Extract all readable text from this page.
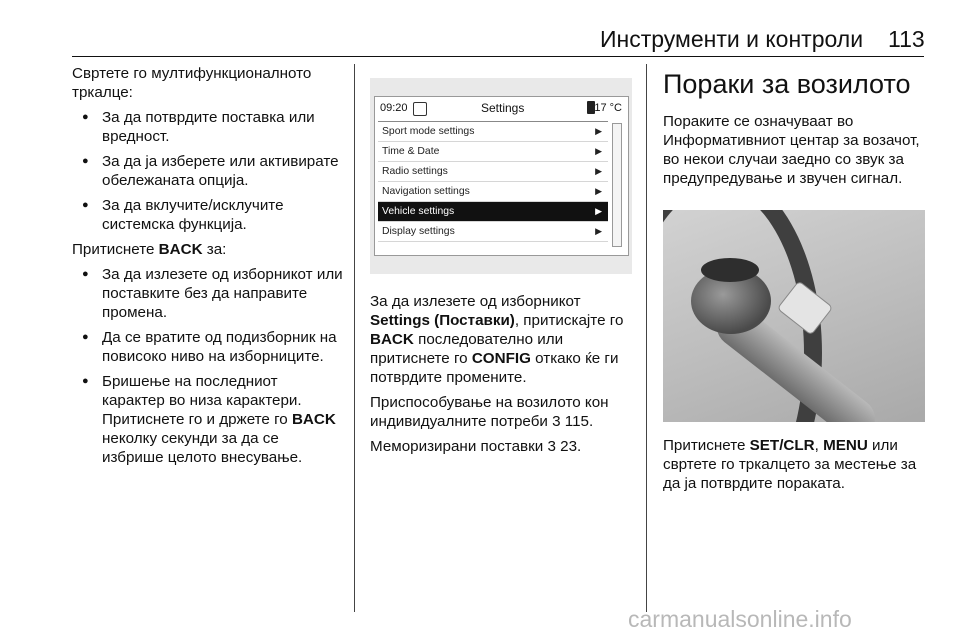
Инструменти и контроли 113

Свртете го мултифункционалното тркалце:

● За да потврдите поставка или вредност.
● За да ја изберете или активирате обележаната опција.
● За да вклучите/исклучите системска функција.

Притиснете BACK за:

● За да излезете од изборникот или поставките без да направите промена.
● Да се вратите од подизборник на повисоко ниво на изборниците.
● Бришење на последниот карактер во низа карактери. Притиснете го и држете го BACK неколку секунди за да се избрише целото внесување.
09:20	Settings	17 °C
Sport mode settings	▶
Time & Date	▶
Radio settings	▶
Navigation settings	▶
Vehicle settings	▶
Display settings	▶

За да излезете од изборникот Settings (Поставки), притискајте го BACK последователно или притиснете го CONFIG откако ќе ги потврдите промените.

Приспособување на возилото кон индивидуалните потреби 3 115.

Меморизирани поставки 3 23.

Пораки за возилото

Пораките се означуваат во Информативниот центар за возачот, во некои случаи заедно со звук за предупредување и звучен сигнал.

Притиснете SET/CLR, MENU или свртете го тркалцето за местење за да ја потврдите пораката.

carmanualsonline.info
